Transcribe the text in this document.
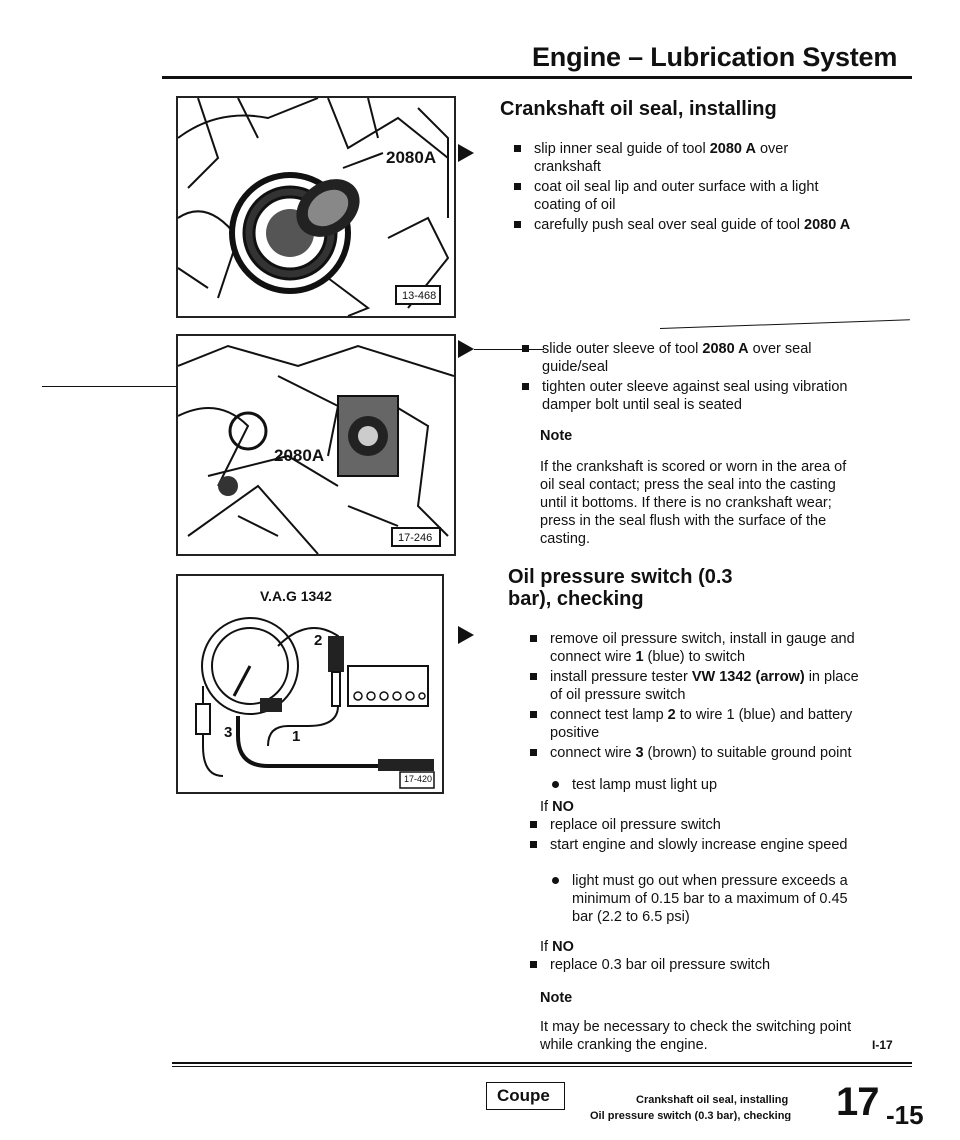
Engine – Lubrication System
2080A
13-468
2080A
17-246
V.A.G 1342
2
1
3
17-420
Crankshaft oil seal, installing
slip inner seal guide of tool 2080 A over crankshaft
coat oil seal lip and outer surface with a light coating of oil
carefully push seal over seal guide of tool 2080 A
slide outer sleeve of tool 2080 A over seal guide/seal
tighten outer sleeve against seal using vibration damper bolt until seal is seated
Note
If the crankshaft is scored or worn in the area of oil seal contact; press the seal into the casting until it bottoms. If there is no crankshaft wear; press in the seal flush with the surface of the casting.
Oil pressure switch (0.3 bar), checking
remove oil pressure switch, install in gauge and connect wire 1 (blue) to switch
install pressure tester VW 1342 (arrow) in place of oil pressure switch
connect test lamp 2 to wire 1 (blue) and battery positive
connect wire 3 (brown) to suitable ground point
test lamp must light up
If NO
replace oil pressure switch
start engine and slowly increase engine speed
light must go out when pressure exceeds a minimum of 0.15 bar to a maximum of 0.45 bar (2.2 to 6.5 psi)
If NO
replace 0.3 bar oil pressure switch
Note
It may be necessary to check the switching point while cranking the engine.	I-17
Coupe	Crankshaft oil seal, installing
Oil pressure switch (0.3 bar), checking 17 -15
